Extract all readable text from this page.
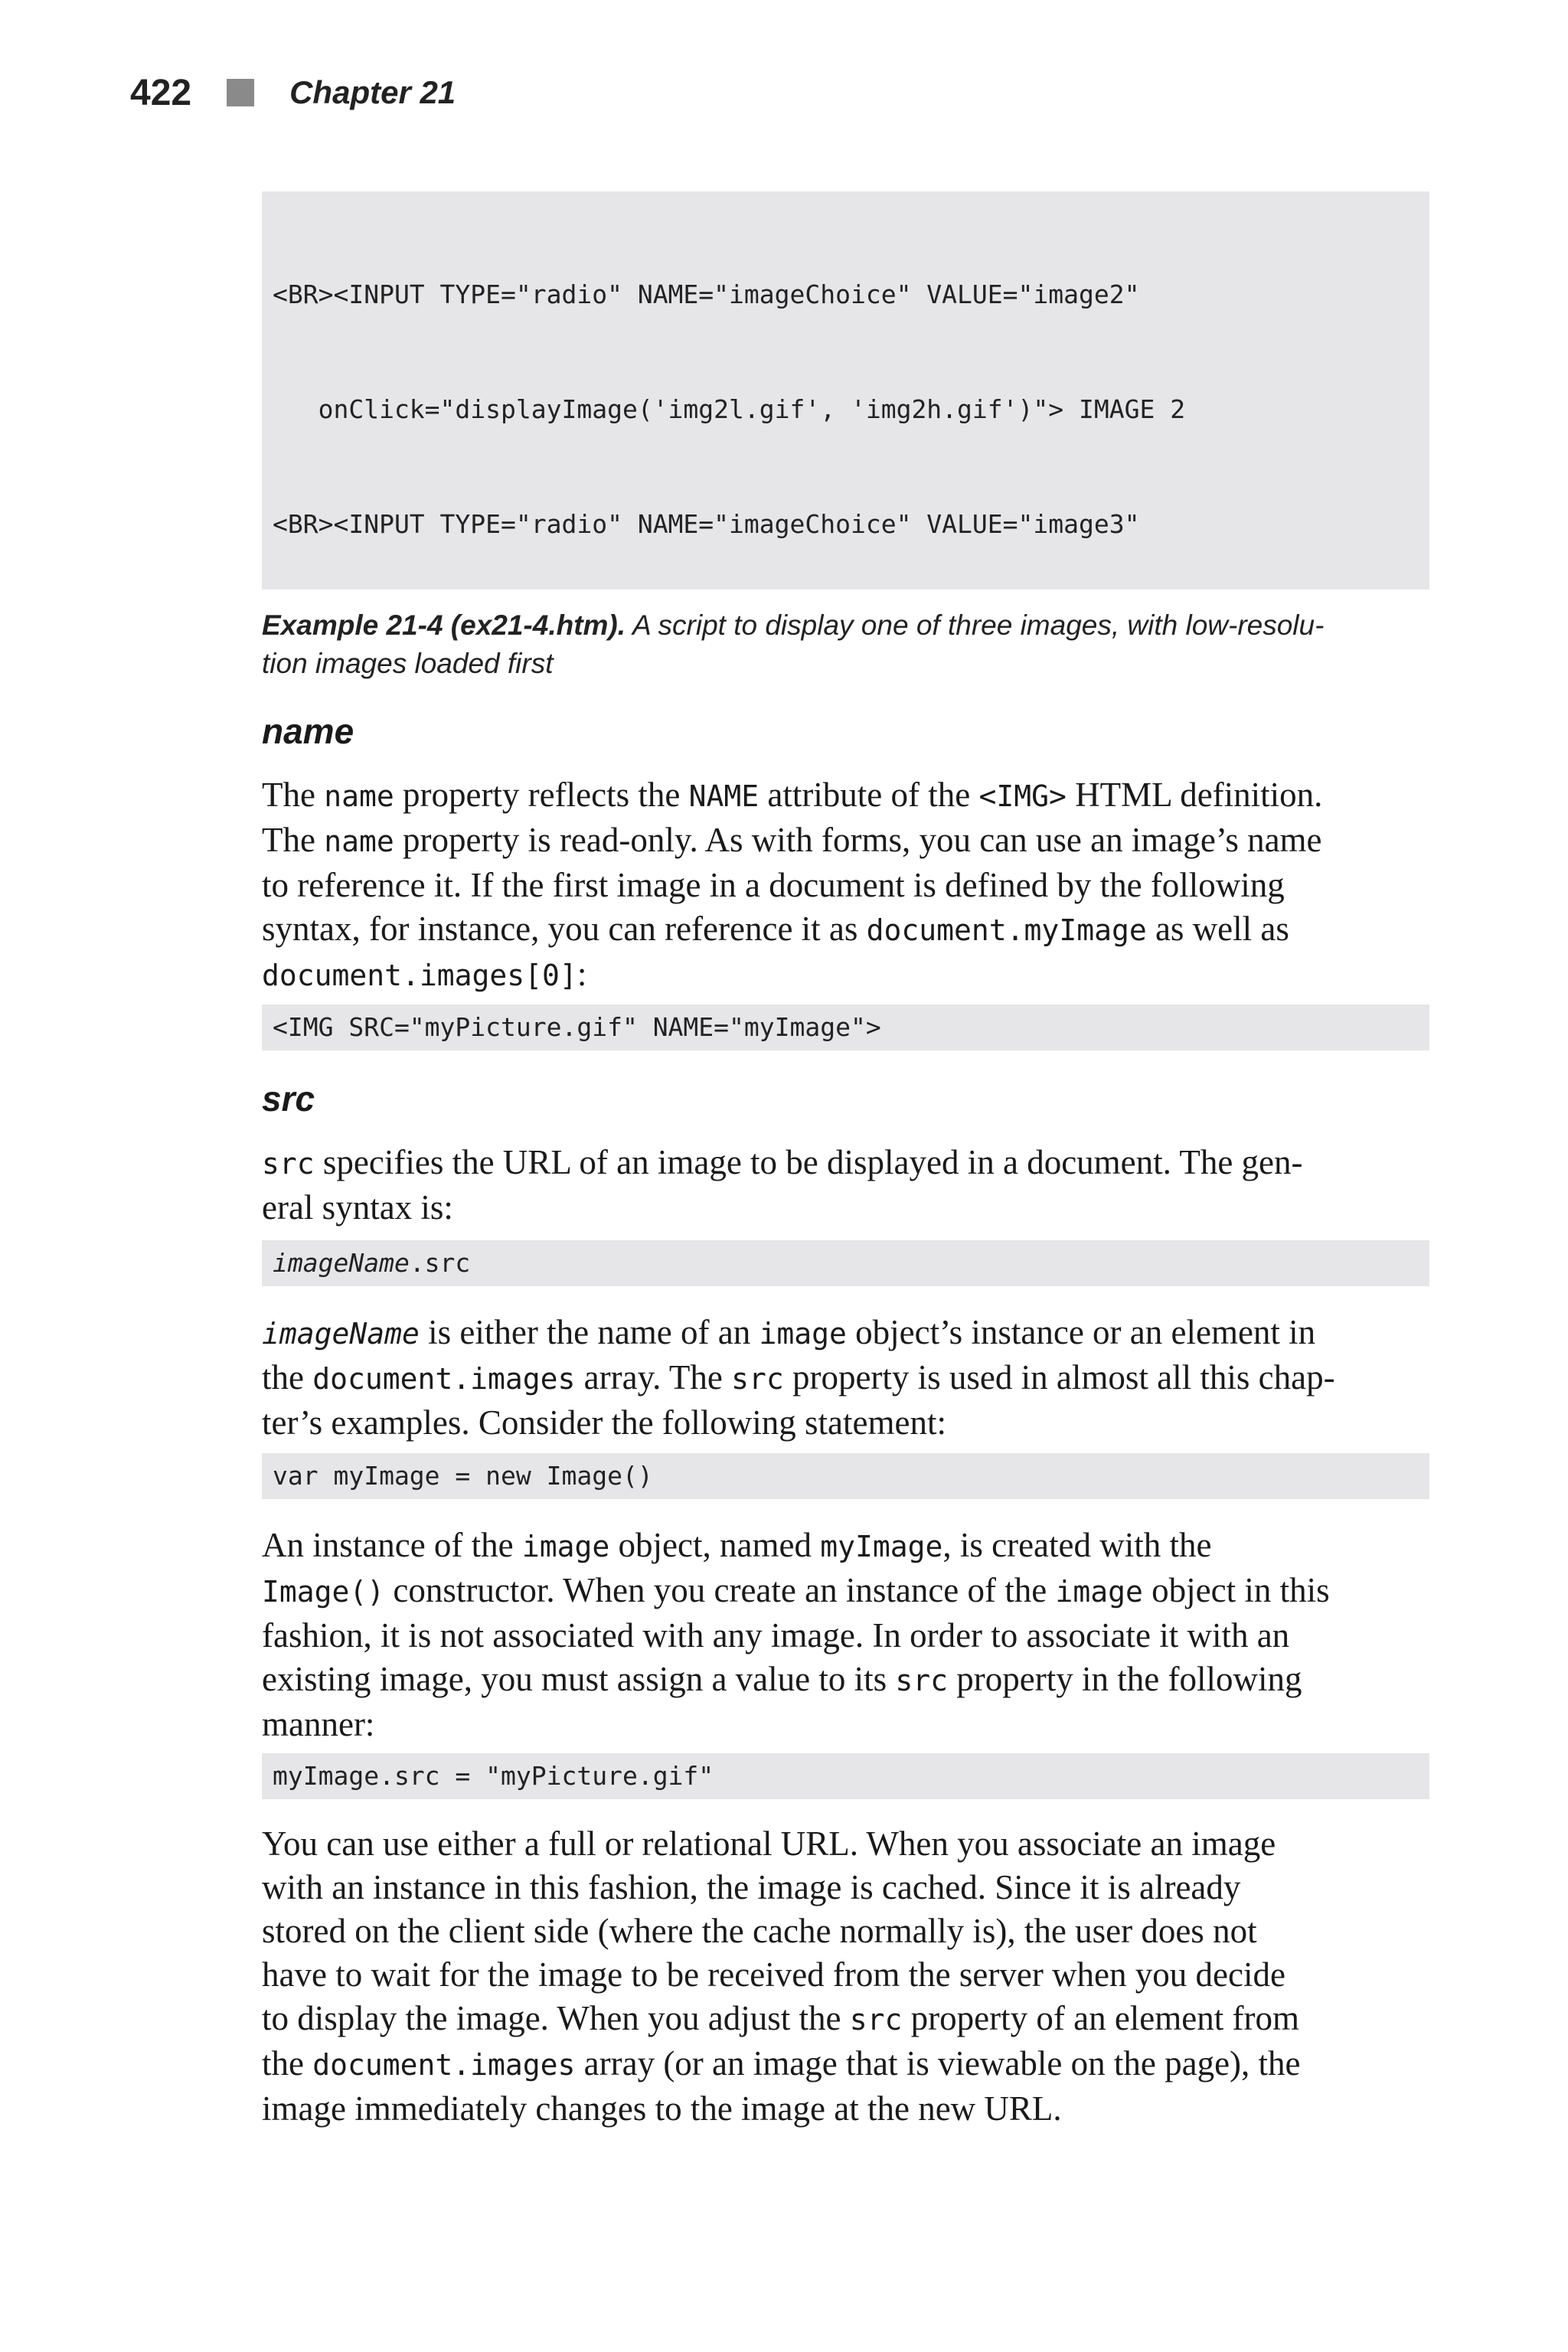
422	Chapter 21

<BR><INPUT TYPE="radio" NAME="imageChoice" VALUE="image2"

onClick="displayImage('img2l.gif', 'img2h.gif')"> IMAGE 2

<BR><INPUT TYPE="radio" NAME="imageChoice" VALUE="image3"

Example 21-4 (ex21-4.htm). A script to display one of three images, with low-resolu-
tion images loaded first
name
The name property reflects the NAME attribute of the <IMG> HTML definition.
The name property is read-only. As with forms, you can use an image’s name
to reference it. If the first image in a document is defined by the following
syntax, for instance, you can reference it as document.myImage as well as
document.images[0]:
<IMG SRC="myPicture.gif" NAME="myImage">
src
src specifies the URL of an image to be displayed in a document. The gen-
eral syntax is:
imageName.src
imageName is either the name of an image object’s instance or an element in
the document.images array. The src property is used in almost all this chap-
ter’s examples. Consider the following statement:
var myImage = new Image()
An instance of the image object, named myImage, is created with the
Image() constructor. When you create an instance of the image object in this
fashion, it is not associated with any image. In order to associate it with an
existing image, you must assign a value to its src property in the following
manner:
myImage.src = "myPicture.gif"
You can use either a full or relational URL. When you associate an image
with an instance in this fashion, the image is cached. Since it is already
stored on the client side (where the cache normally is), the user does not
have to wait for the image to be received from the server when you decide
to display the image. When you adjust the src property of an element from
the document.images array (or an image that is viewable on the page), the
image immediately changes to the image at the new URL.
